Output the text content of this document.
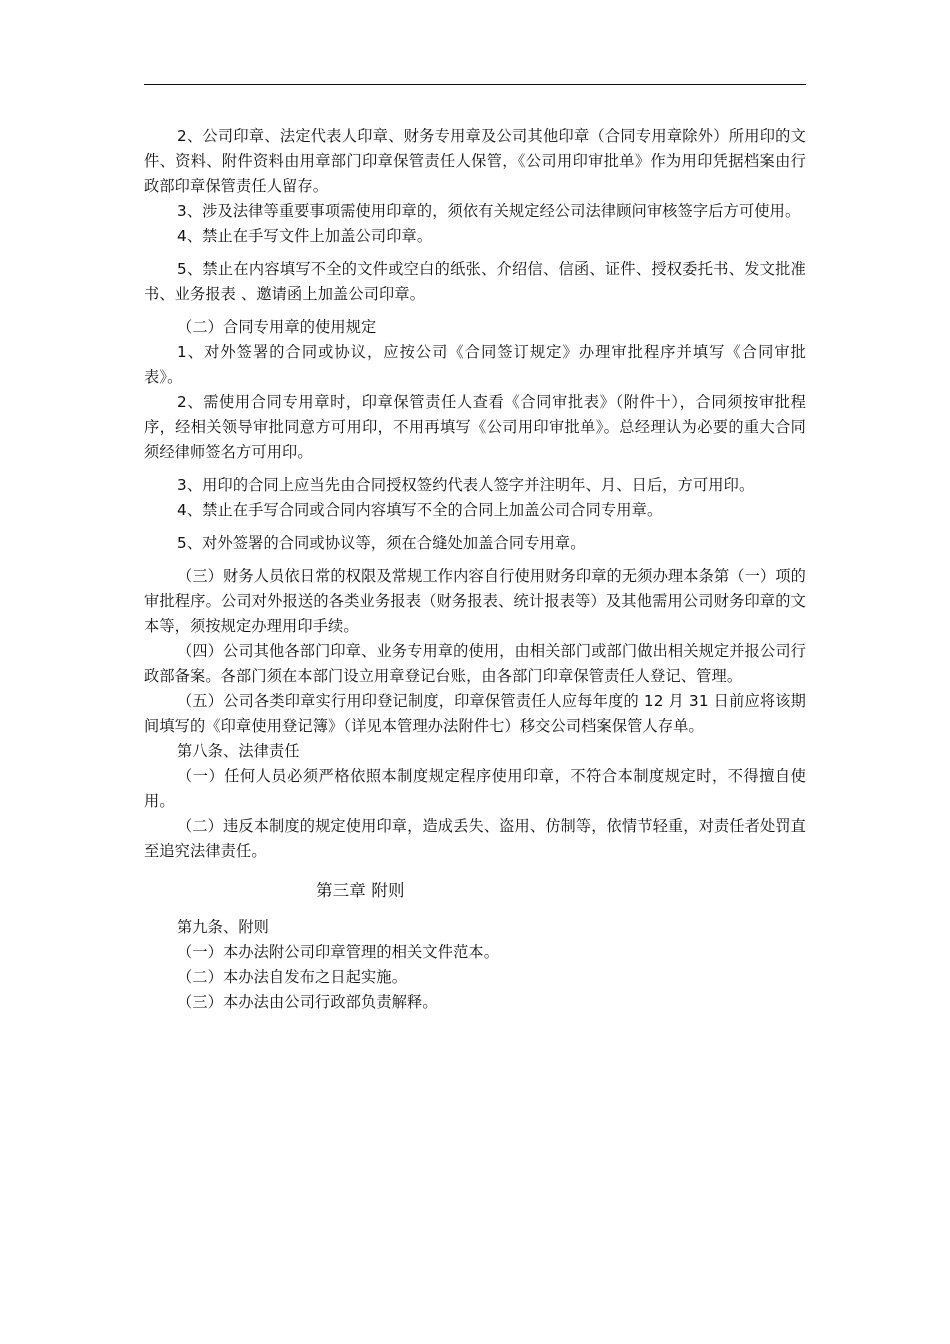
2、公司印章、法定代表人印章、财务专用章及公司其他印章（合同专用章除外）所用印的文件、资料、附件资料由用章部门印章保管责任人保管，《公司用印审批单》作为用印凭据档案由行政部印章保管责任人留存。

3、涉及法律等重要事项需使用印章的，须依有关规定经公司法律顾问审核签字后方可使用。

4、禁止在手写文件上加盖公司印章。

5、禁止在内容填写不全的文件或空白的纸张、介绍信、信函、证件、授权委托书、发文批准书、业务报表 、邀请函上加盖公司印章。

（二）合同专用章的使用规定

1、对外签署的合同或协议，应按公司《合同签订规定》办理审批程序并填写《合同审批表》。

2、需使用合同专用章时，印章保管责任人查看《合同审批表》（附件十），合同须按审批程序，经相关领导审批同意方可用印，不用再填写《公司用印审批单》。总经理认为必要的重大合同须经律师签名方可用印。

3、用印的合同上应当先由合同授权签约代表人签字并注明年、月、日后，方可用印。

4、禁止在手写合同或合同内容填写不全的合同上加盖公司合同专用章。

5、对外签署的合同或协议等，须在合缝处加盖合同专用章。

（三）财务人员依日常的权限及常规工作内容自行使用财务印章的无须办理本条第（一）项的审批程序。公司对外报送的各类业务报表（财务报表、统计报表等）及其他需用公司财务印章的文本等，须按规定办理用印手续。

（四）公司其他各部门印章、业务专用章的使用，由相关部门或部门做出相关规定并报公司行政部备案。各部门须在本部门设立用章登记台账，由各部门印章保管责任人登记、管理。

（五）公司各类印章实行用印登记制度，印章保管责任人应每年度的 12 月 31 日前应将该期间填写的《印章使用登记簿》（详见本管理办法附件七）移交公司档案保管人存单。

第八条、法律责任

（一）任何人员必须严格依照本制度规定程序使用印章，不符合本制度规定时，不得擅自使用。

（二）违反本制度的规定使用印章，造成丢失、盗用、仿制等，依情节轻重，对责任者处罚直至追究法律责任。

第三章 附则

第九条、附则

（一）本办法附公司印章管理的相关文件范本。

（二）本办法自发布之日起实施。

（三）本办法由公司行政部负责解释。
